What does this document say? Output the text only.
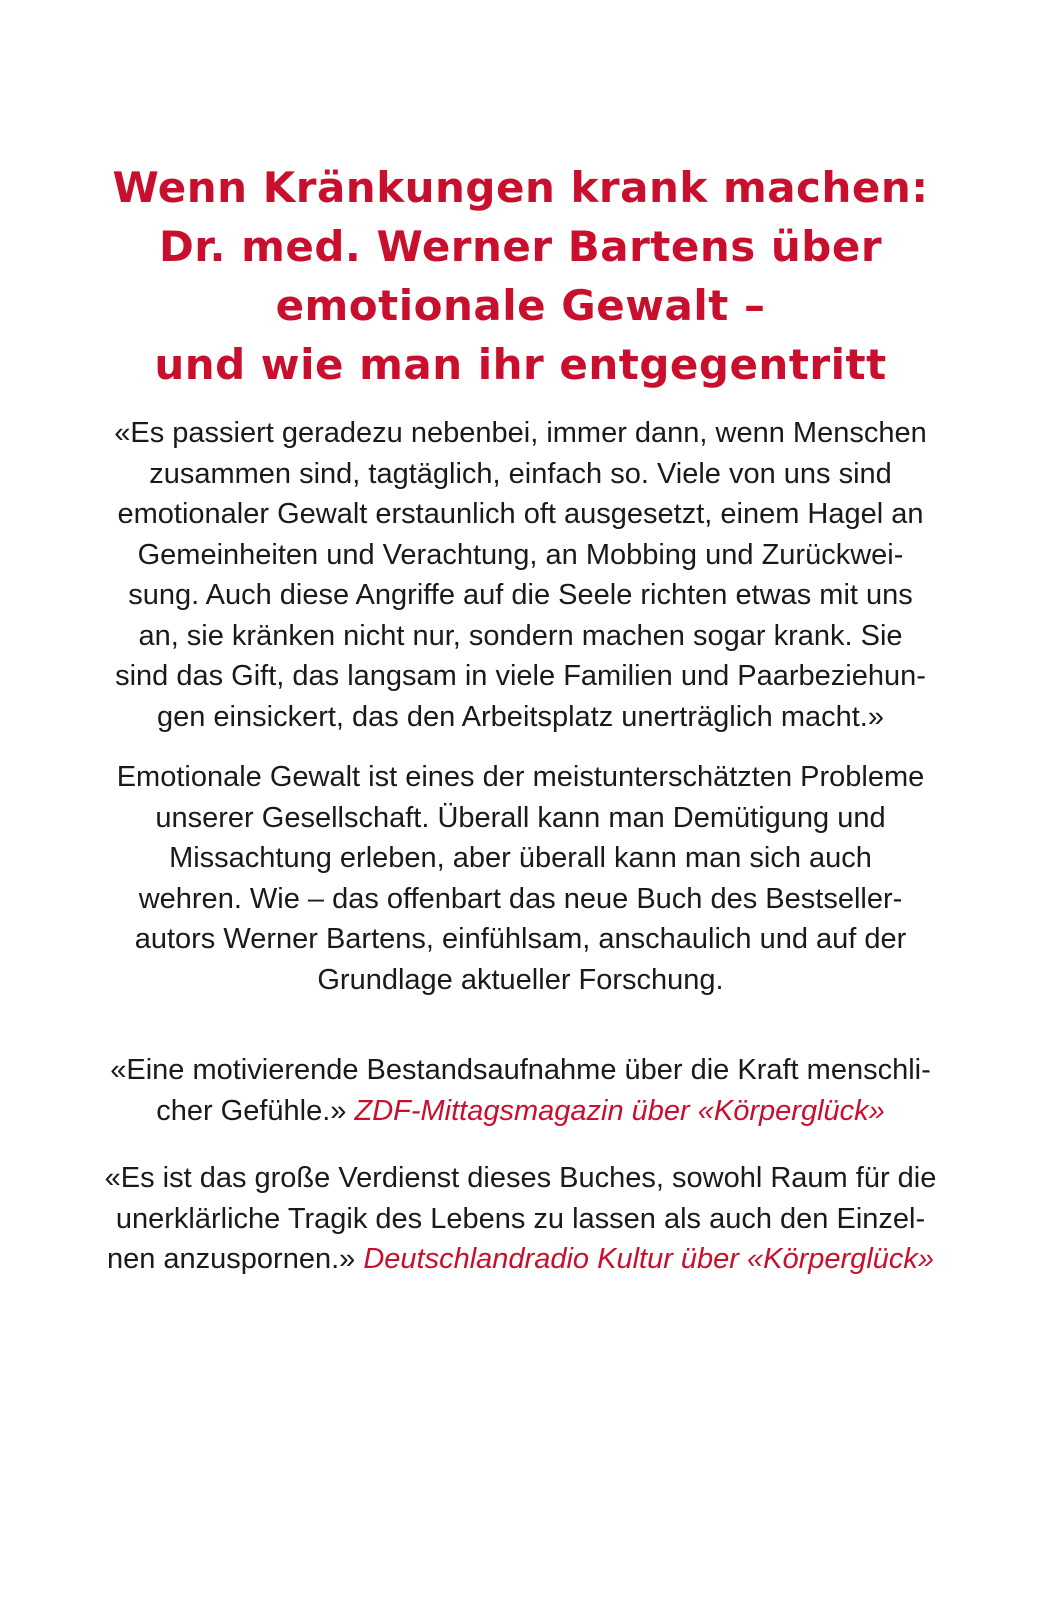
Wenn Kränkungen krank machen:
Dr. med. Werner Bartens über
emotionale Gewalt –
und wie man ihr entgegentritt
«Es passiert geradezu nebenbei, immer dann, wenn Menschen
zusammen sind, tagtäglich, einfach so. Viele von uns sind
emotionaler Gewalt erstaunlich oft ausgesetzt, einem Hagel an
Gemeinheiten und Verachtung, an Mobbing und Zurückwei-
sung. Auch diese Angriffe auf die Seele richten etwas mit uns
an, sie kränken nicht nur, sondern machen sogar krank. Sie
sind das Gift, das langsam in viele Familien und Paarbeziehun-
gen einsickert, das den Arbeitsplatz unerträglich macht.»
Emotionale Gewalt ist eines der meistunterschätzten Probleme
unserer Gesellschaft. Überall kann man Demütigung und
Missachtung erleben, aber überall kann man sich auch
wehren. Wie – das offenbart das neue Buch des Bestseller-
autors Werner Bartens, einfühlsam, anschaulich und auf der
Grundlage aktueller Forschung.
«Eine motivierende Bestandsaufnahme über die Kraft menschli-
cher Gefühle.» ZDF-Mittagsmagazin über «Körperglück»
«Es ist das große Verdienst dieses Buches, sowohl Raum für die
unerklärliche Tragik des Lebens zu lassen als auch den Einzel-
nen anzuspornen.» Deutschlandradio Kultur über «Körperglück»
